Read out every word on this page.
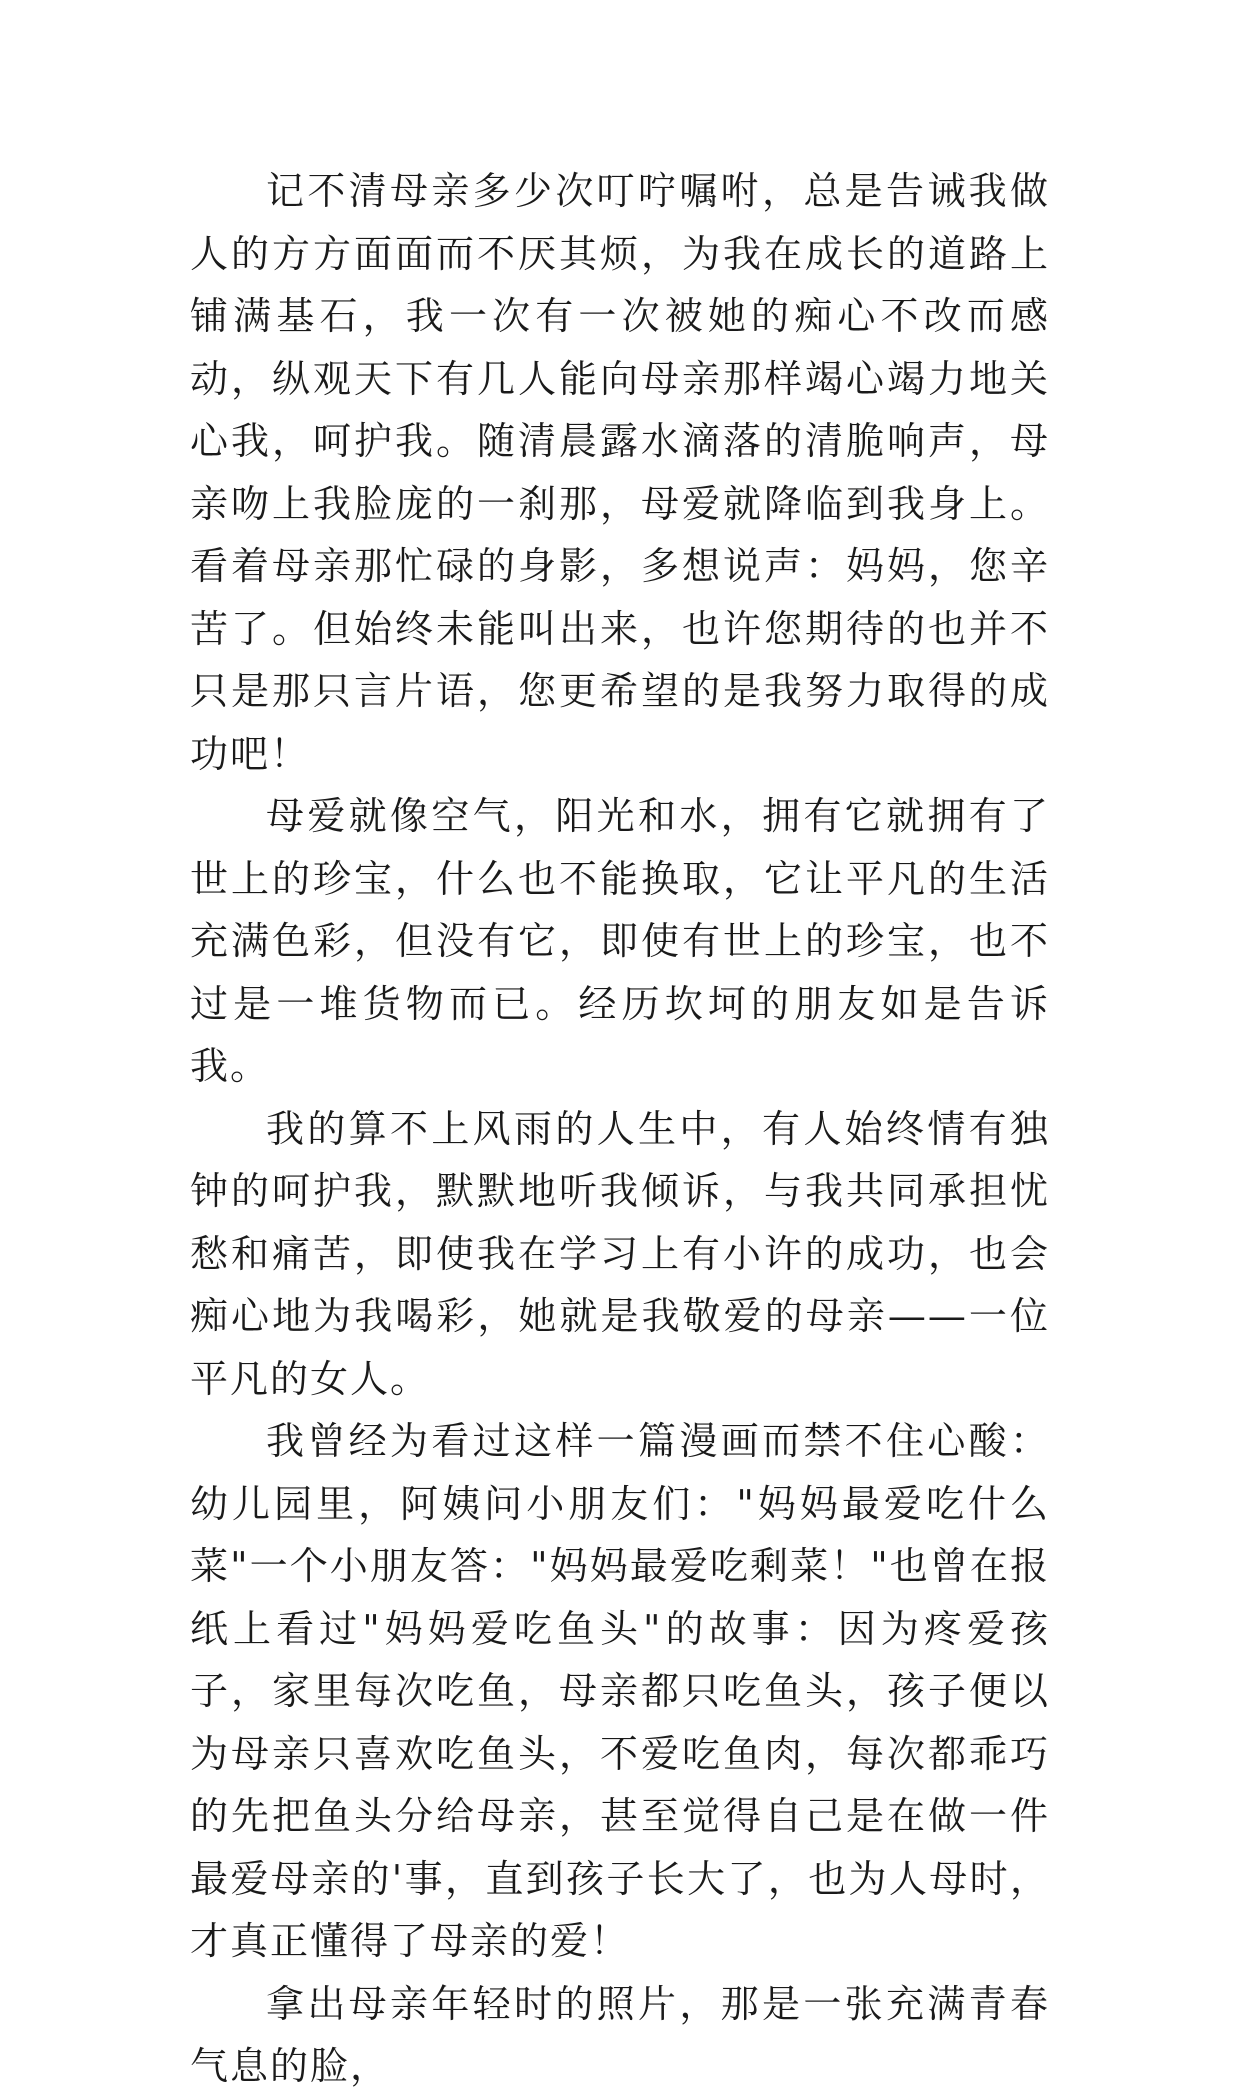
记不清母亲多少次叮咛嘱咐，总是告诫我做人的方方面面而不厌其烦，为我在成长的道路上铺满基石，我一次有一次被她的痴心不改而感动，纵观天下有几人能向母亲那样竭心竭力地关心我，呵护我。随清晨露水滴落的清脆响声，母亲吻上我脸庞的一刹那，母爱就降临到我身上。看着母亲那忙碌的身影，多想说声：妈妈，您辛苦了。但始终未能叫出来，也许您期待的也并不只是那只言片语，您更希望的是我努力取得的成功吧！

母爱就像空气，阳光和水，拥有它就拥有了世上的珍宝，什么也不能换取，它让平凡的生活充满色彩，但没有它，即使有世上的珍宝，也不过是一堆货物而已。经历坎坷的朋友如是告诉我。

我的算不上风雨的人生中，有人始终情有独钟的呵护我，默默地听我倾诉，与我共同承担忧愁和痛苦，即使我在学习上有小许的成功，也会痴心地为我喝彩，她就是我敬爱的母亲——一位平凡的女人。

我曾经为看过这样一篇漫画而禁不住心酸：幼儿园里，阿姨问小朋友们："妈妈最爱吃什么菜"一个小朋友答："妈妈最爱吃剩菜！"也曾在报纸上看过"妈妈爱吃鱼头"的故事：因为疼爱孩子，家里每次吃鱼，母亲都只吃鱼头，孩子便以为母亲只喜欢吃鱼头，不爱吃鱼肉，每次都乖巧的先把鱼头分给母亲，甚至觉得自己是在做一件最爱母亲的'事，直到孩子长大了，也为人母时，才真正懂得了母亲的爱！

拿出母亲年轻时的照片，那是一张充满青春气息的脸，
